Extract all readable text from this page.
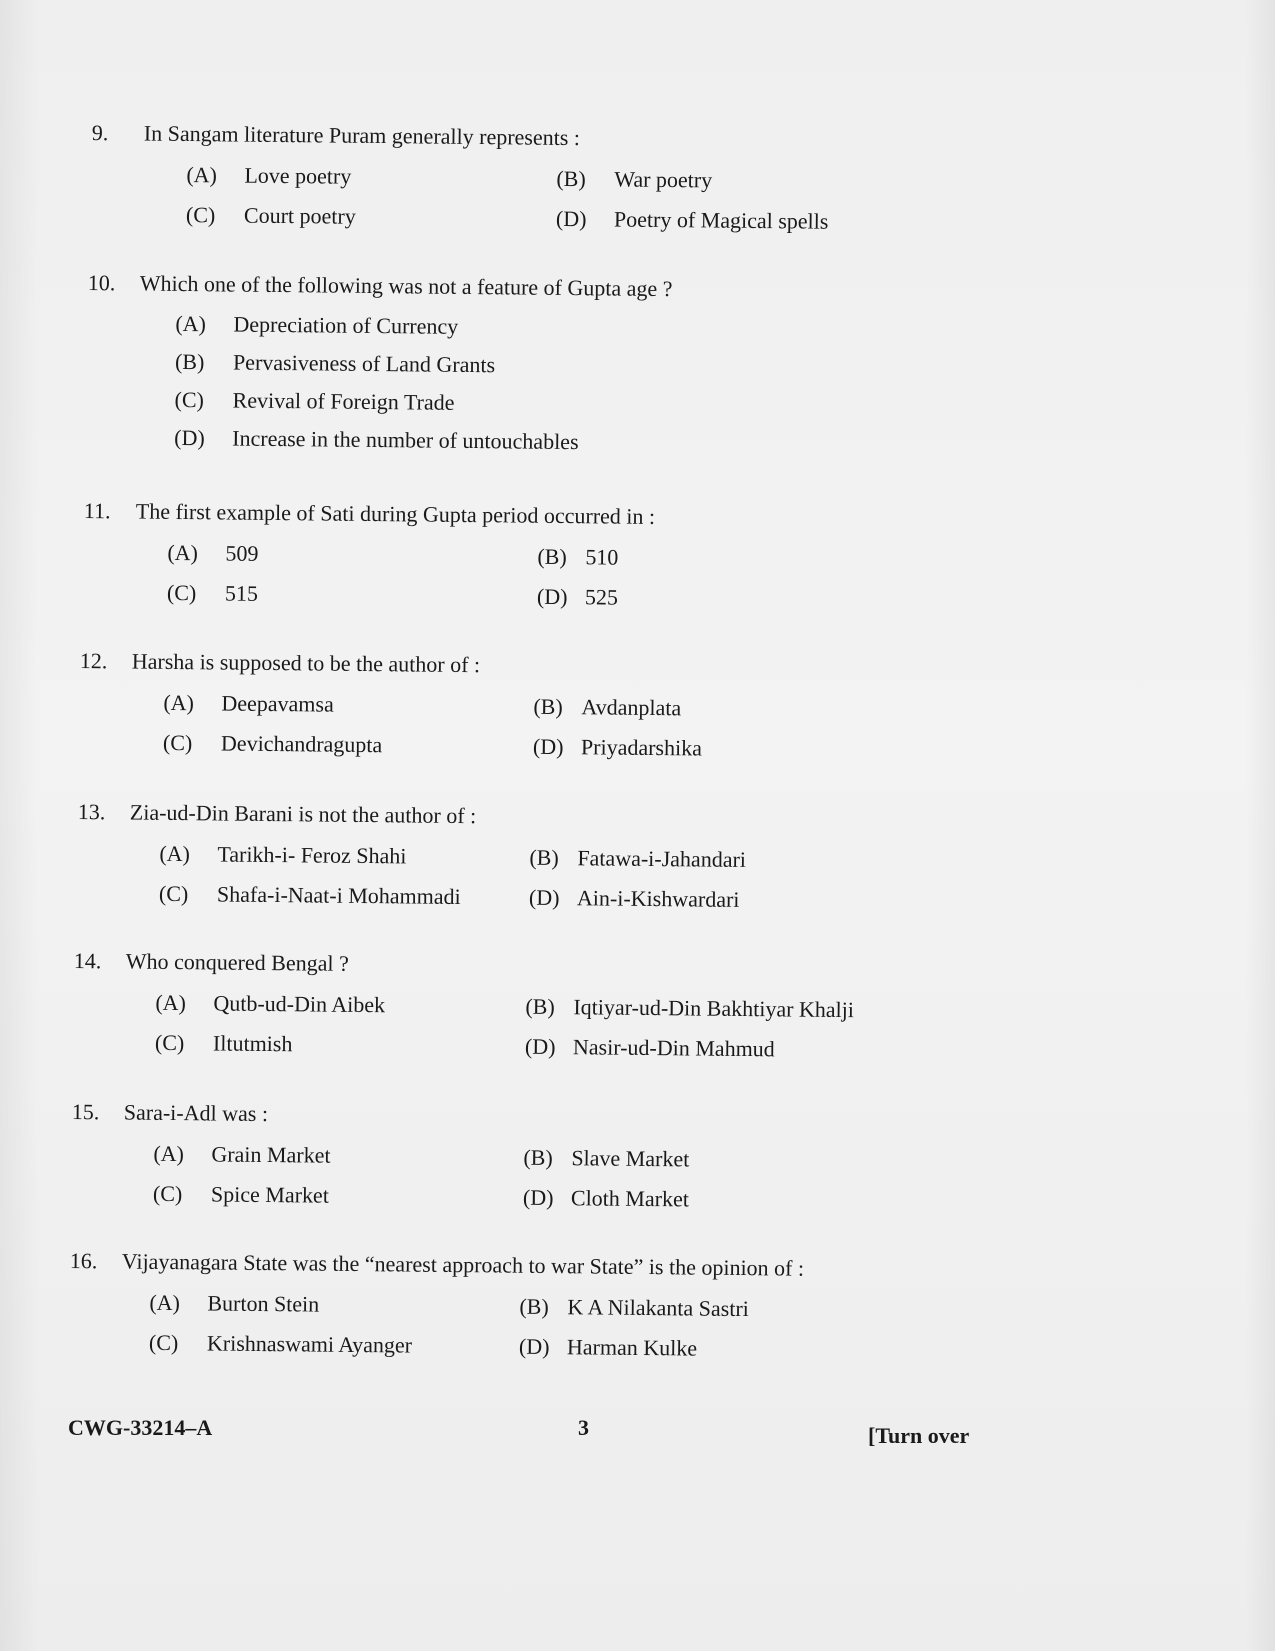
9.	In Sangam literature Puram generally represents :
(A)	Love poetry	(B)	War poetry
(C)	Court poetry	(D)	Poetry of Magical spells
10.	Which one of the following was not a feature of Gupta age ?
(A)	Depreciation of Currency
(B)	Pervasiveness of Land Grants
(C)	Revival of Foreign Trade
(D)	Increase in the number of untouchables
11.	The first example of Sati during Gupta period occurred in :
(A)	509	(B) 510
(C)	515	(D) 525
12.	Harsha is supposed to be the author of :
(A)	Deepavamsa	(B) Avdanplata
(C)	Devichandragupta	(D) Priyadarshika
13.	Zia-ud-Din Barani is not the author of :
(A)	Tarikh-i- Feroz Shahi	(B) Fatawa-i-Jahandari
(C)	Shafa-i-Naat-i Mohammadi	(D) Ain-i-Kishwardari
14.	Who conquered Bengal ?
(A)	Qutb-ud-Din Aibek	(B) Iqtiyar-ud-Din Bakhtiyar Khalji
(C)	Iltutmish	(D) Nasir-ud-Din Mahmud
15.	Sara-i-Adl was :
(A)	Grain Market	(B) Slave Market
(C)	Spice Market	(D) Cloth Market
16.	Vijayanagara State was the “nearest approach to war State” is the opinion of :
(A)	Burton Stein	(B) K A Nilakanta Sastri
(C)	Krishnaswami Ayanger	(D) Harman Kulke
CWG-33214–A	3	[Turn over
